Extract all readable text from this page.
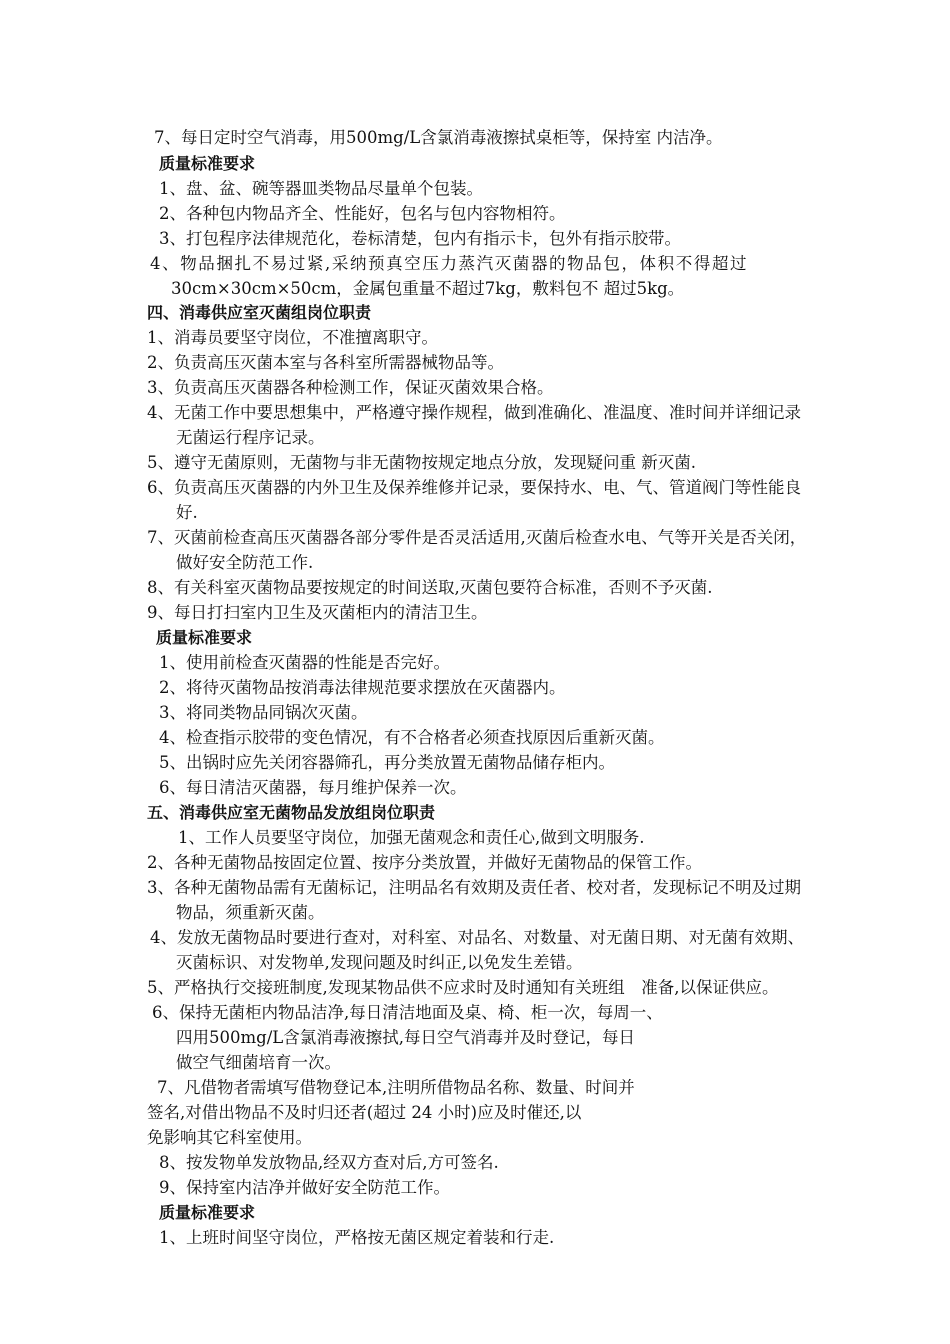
7、每日定时空气消毒，用500mg/L含氯消毒液擦拭桌柜等，保持室 内洁净。
质量标准要求
1、盘、盆、碗等器皿类物品尽量单个包装。
2、各种包内物品齐全、性能好，包名与包内容物相符。
3、打包程序法律规范化，卷标清楚，包内有指示卡，包外有指示胶带。
4、物品捆扎不易过紧,采纳预真空压力蒸汽灭菌器的物品包，体积不得超过
30cm×30cm×50cm，金属包重量不超过7kg，敷料包不 超过5kg。
四、消毒供应室灭菌组岗位职责
1、消毒员要坚守岗位，不准擅离职守。
2、负责高压灭菌本室与各科室所需器械物品等。
3、负责高压灭菌器各种检测工作，保证灭菌效果合格。
4、无菌工作中要思想集中，严格遵守操作规程，做到准确化、准温度、准时间并详细记录
无菌运行程序记录。
5、遵守无菌原则，无菌物与非无菌物按规定地点分放，发现疑问重 新灭菌.
6、负责高压灭菌器的内外卫生及保养维修并记录，要保持水、电、气、管道阀门等性能良
好.
7、灭菌前检查高压灭菌器各部分零件是否灵活适用,灭菌后检查水电、气等开关是否关闭，
做好安全防范工作.
8、有关科室灭菌物品要按规定的时间送取,灭菌包要符合标准，否则不予灭菌.
9、每日打扫室内卫生及灭菌柜内的清洁卫生。
质量标准要求
1、使用前检查灭菌器的性能是否完好。
2、将待灭菌物品按消毒法律规范要求摆放在灭菌器内。
3、将同类物品同锅次灭菌。
4、检查指示胶带的变色情况，有不合格者必须查找原因后重新灭菌。
5、出锅时应先关闭容器筛孔，再分类放置无菌物品储存柜内。
6、每日清洁灭菌器，每月维护保养一次。
五、消毒供应室无菌物品发放组岗位职责
1、工作人员要坚守岗位，加强无菌观念和责任心,做到文明服务.
2、各种无菌物品按固定位置、按序分类放置，并做好无菌物品的保管工作。
3、各种无菌物品需有无菌标记，注明品名有效期及责任者、校对者，发现标记不明及过期
物品，须重新灭菌。
4、发放无菌物品时要进行查对，对科室、对品名、对数量、对无菌日期、对无菌有效期、
灭菌标识、对发物单,发现问题及时纠正,以免发生差错。
5、严格执行交接班制度,发现某物品供不应求时及时通知有关班组　准备,以保证供应。
6、保持无菌柜内物品洁净,每日清洁地面及桌、椅、柜一次，每周一、
四用500mg/L含氯消毒液擦拭,每日空气消毒并及时登记，每日
做空气细菌培育一次。
7、凡借物者需填写借物登记本,注明所借物品名称、数量、时间并
签名,对借出物品不及时归还者(超过 24 小时)应及时催还,以
免影响其它科室使用。
8、按发物单发放物品,经双方查对后,方可签名.
9、保持室内洁净并做好安全防范工作。
质量标准要求
1、上班时间坚守岗位，严格按无菌区规定着装和行走.
